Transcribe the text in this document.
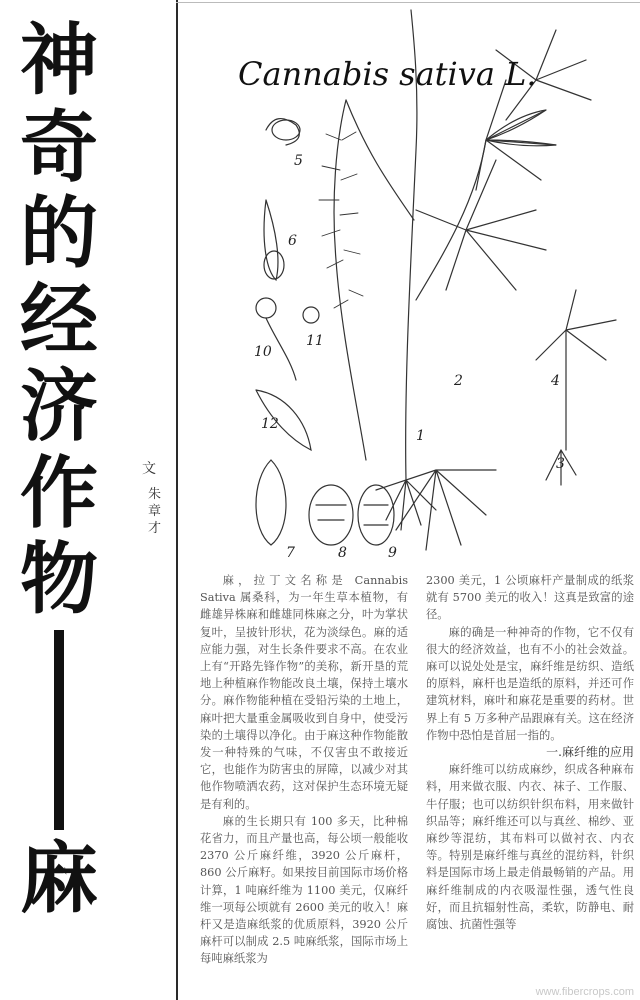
神
奇
的
经
济
作
物
麻
文
朱章才
Cannabis sativa L.
5
6
10
11
12
7	8	9
1
2
3
4

麻，拉丁文名称是 Cannabis Sativa 属桑科，为一年生草本植物，有雌雄异株麻和雌雄同株麻之分，叶为掌状复叶，呈披针形状，花为淡绿色。麻的适应能力强，对生长条件要求不高。在农业上有“开路先锋作物”的美称，新开垦的荒地上种植麻作物能改良土壤，保持土壤水分。麻作物能种植在受铅污染的土地上，麻叶把大量重金属吸收到自身中，使受污染的土壤得以净化。由于麻这种作物能散发一种特殊的气味，不仅害虫不敢接近它，也能作为防害虫的屏障，以减少对其他作物喷洒农药，这对保护生态环境无疑是有利的。

麻的生长期只有 100 多天，比种棉花省力，而且产量也高，每公顷一般能收 2370 公斤麻纤维，3920 公斤麻杆，860 公斤麻籽。如果按目前国际市场价格计算，1 吨麻纤维为 1100 美元，仅麻纤维一项每公顷就有 2600 美元的收入！麻杆又是造麻纸浆的优质原料，3920 公斤麻杆可以制成 2.5 吨麻纸浆，国际市场上每吨麻纸浆为

2300 美元，1 公顷麻杆产量制成的纸浆就有 5700 美元的收入！这真是致富的途径。

麻的确是一种神奇的作物，它不仅有很大的经济效益，也有不小的社会效益。麻可以说处处是宝，麻纤维是纺织、造纸的原料，麻杆也是造纸的原料，并还可作建筑材料，麻叶和麻花是重要的药材。世界上有 5 万多种产品跟麻有关。这在经济作物中恐怕是首屈一指的。

一.麻纤维的应用

麻纤维可以纺成麻纱，织成各种麻布料，用来做衣服、内衣、袜子、工作服、牛仔服；也可以纺织针织布料，用来做针织品等；麻纤维还可以与真丝、棉纱、亚麻纱等混纺，其布料可以做衬衣、内衣等。特别是麻纤维与真丝的混纺料，针织料是国际市场上最走俏最畅销的产品。用麻纤维制成的内衣吸湿性强，透气性良好，而且抗辐射性高，柔软，防静电、耐腐蚀、抗菌性强等

www.fibercrops.com
